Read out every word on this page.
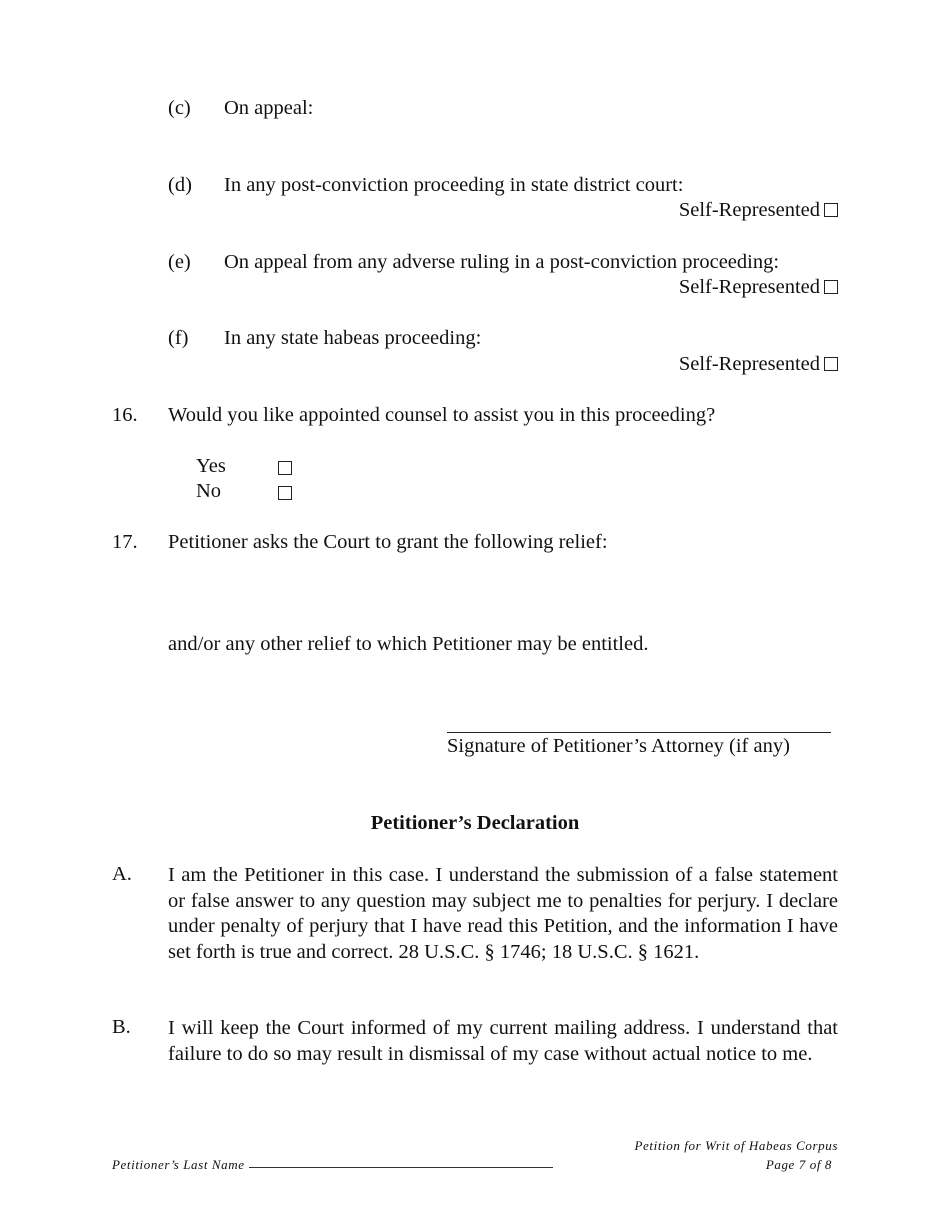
(c) On appeal:
(d) In any post-conviction proceeding in state district court:
Self-Represented
(e) On appeal from any adverse ruling in a post-conviction proceeding:
Self-Represented
(f) In any state habeas proceeding:
Self-Represented
16. Would you like appointed counsel to assist you in this proceeding?
Yes
No
17. Petitioner asks the Court to grant the following relief:
and/or any other relief to which Petitioner may be entitled.
Signature of Petitioner’s Attorney (if any)
Petitioner’s Declaration
A. I am the Petitioner in this case. I understand the submission of a false statement or false answer to any question may subject me to penalties for perjury. I declare under penalty of perjury that I have read this Petition, and the information I have set forth is true and correct. 28 U.S.C. § 1746; 18 U.S.C. § 1621.
B. I will keep the Court informed of my current mailing address. I understand that failure to do so may result in dismissal of my case without actual notice to me.
Petition for Writ of Habeas Corpus
Petitioner’s Last Name	Page 7 of 8
